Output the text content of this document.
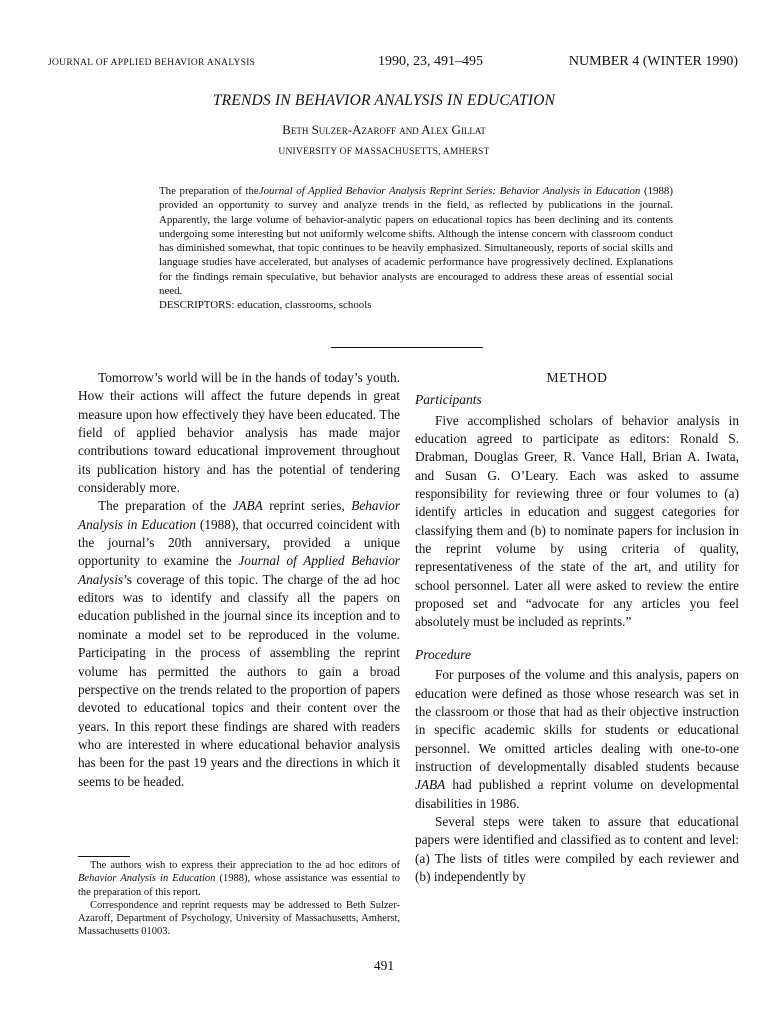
JOURNAL OF APPLIED BEHAVIOR ANALYSIS	1990, 23, 491–495	NUMBER 4 (WINTER 1990)
TRENDS IN BEHAVIOR ANALYSIS IN EDUCATION
Beth Sulzer-Azaroff and Alex Gillat
UNIVERSITY OF MASSACHUSETTS, AMHERST

The preparation of theJournal of Applied Behavior Analysis Reprint Series: Behavior Analysis in Education (1988) provided an opportunity to survey and analyze trends in the field, as reflected by publications in the journal. Apparently, the large volume of behavior-analytic papers on educational topics has been declining and its contents undergoing some interesting but not uniformly welcome shifts. Although the intense concern with classroom conduct has diminished somewhat, that topic continues to be heavily emphasized. Simultaneously, reports of social skills and language studies have accelerated, but analyses of academic performance have progressively declined. Explanations for the findings remain speculative, but behavior analysts are encouraged to address these areas of essential social need.

DESCRIPTORS: education, classrooms, schools

Tomorrow’s world will be in the hands of today’s youth. How their actions will affect the future depends in great measure upon how effectively they have been educated. The field of applied behavior analysis has made major contributions toward educational improvement throughout its publication history and has the potential of tendering considerably more.

The preparation of the JABA reprint series, Behavior Analysis in Education (1988), that occurred coincident with the journal’s 20th anniversary, provided a unique opportunity to examine the Journal of Applied Behavior Analysis’s coverage of this topic. The charge of the ad hoc editors was to identify and classify all the papers on education published in the journal since its inception and to nominate a model set to be reproduced in the volume. Participating in the process of assembling the reprint volume has permitted the authors to gain a broad perspective on the trends related to the proportion of papers devoted to educational topics and their content over the years. In this report these findings are shared with readers who are interested in where educational behavior analysis has been for the past 19 years and the directions in which it seems to be headed.

The authors wish to express their appreciation to the ad hoc editors of Behavior Analysis in Education (1988), whose assistance was essential to the preparation of this report.

Correspondence and reprint requests may be addressed to Beth Sulzer-Azaroff, Department of Psychology, University of Massachusetts, Amherst, Massachusetts 01003.

METHOD
Participants

Five accomplished scholars of behavior analysis in education agreed to participate as editors: Ronald S. Drabman, Douglas Greer, R. Vance Hall, Brian A. Iwata, and Susan G. O’Leary. Each was asked to assume responsibility for reviewing three or four volumes to (a) identify articles in education and suggest categories for classifying them and (b) to nominate papers for inclusion in the reprint volume by using criteria of quality, representativeness of the state of the art, and utility for school personnel. Later all were asked to review the entire proposed set and “advocate for any articles you feel absolutely must be included as reprints.”

Procedure

For purposes of the volume and this analysis, papers on education were defined as those whose research was set in the classroom or those that had as their objective instruction in specific academic skills for students or educational personnel. We omitted articles dealing with one-to-one instruction of developmentally disabled students because JABA had published a reprint volume on developmental disabilities in 1986.

Several steps were taken to assure that educational papers were identified and classified as to content and level: (a) The lists of titles were compiled by each reviewer and (b) independently by

491
